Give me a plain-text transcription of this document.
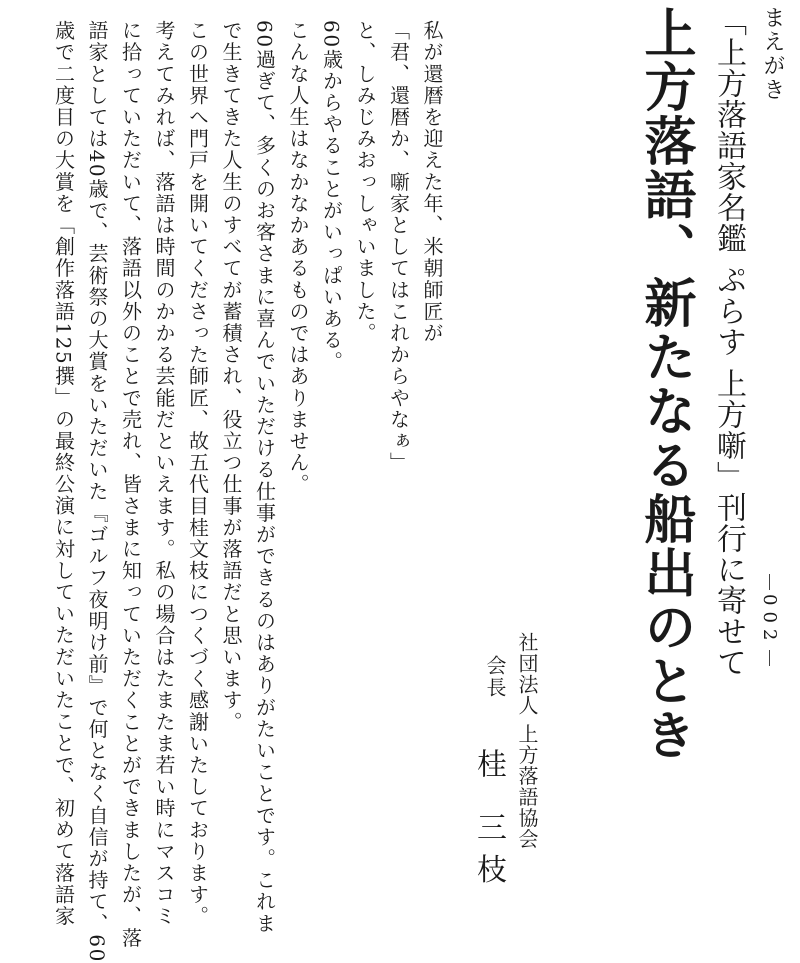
まえがき
「上方落語家名鑑 ぷらす 上方噺」刊行に寄せて
上方落語、新たなる船出のとき	002
社団法人 上方落語協会
会長
桂 三枝

私が還暦を迎えた年、米朝師匠が

「君、還暦か、噺家としてはこれからやなぁ」

と、しみじみおっしゃいました。

60歳からやることがいっぱいある。

こんな人生はなかなかあるものではありません。

60過ぎて、多くのお客さまに喜んでいただける仕事ができるのはありがたいことです。これま

で生きてきた人生のすべてが蓄積され、役立つ仕事が落語だと思います。

この世界へ門戸を開いてくださった師匠、故五代目桂文枝につくづく感謝いたしております。

考えてみれば、落語は時間のかかる芸能だといえます。私の場合はたまたま若い時にマスコミ

に拾っていただいて、落語以外のことで売れ、皆さまに知っていただくことができましたが、落

語家としては40歳で、芸術祭の大賞をいただいた『ゴルフ夜明け前』で何となく自信が持て、60

歳で二度目の大賞を「創作落語125撰」の最終公演に対していただいたことで、初めて落語家
